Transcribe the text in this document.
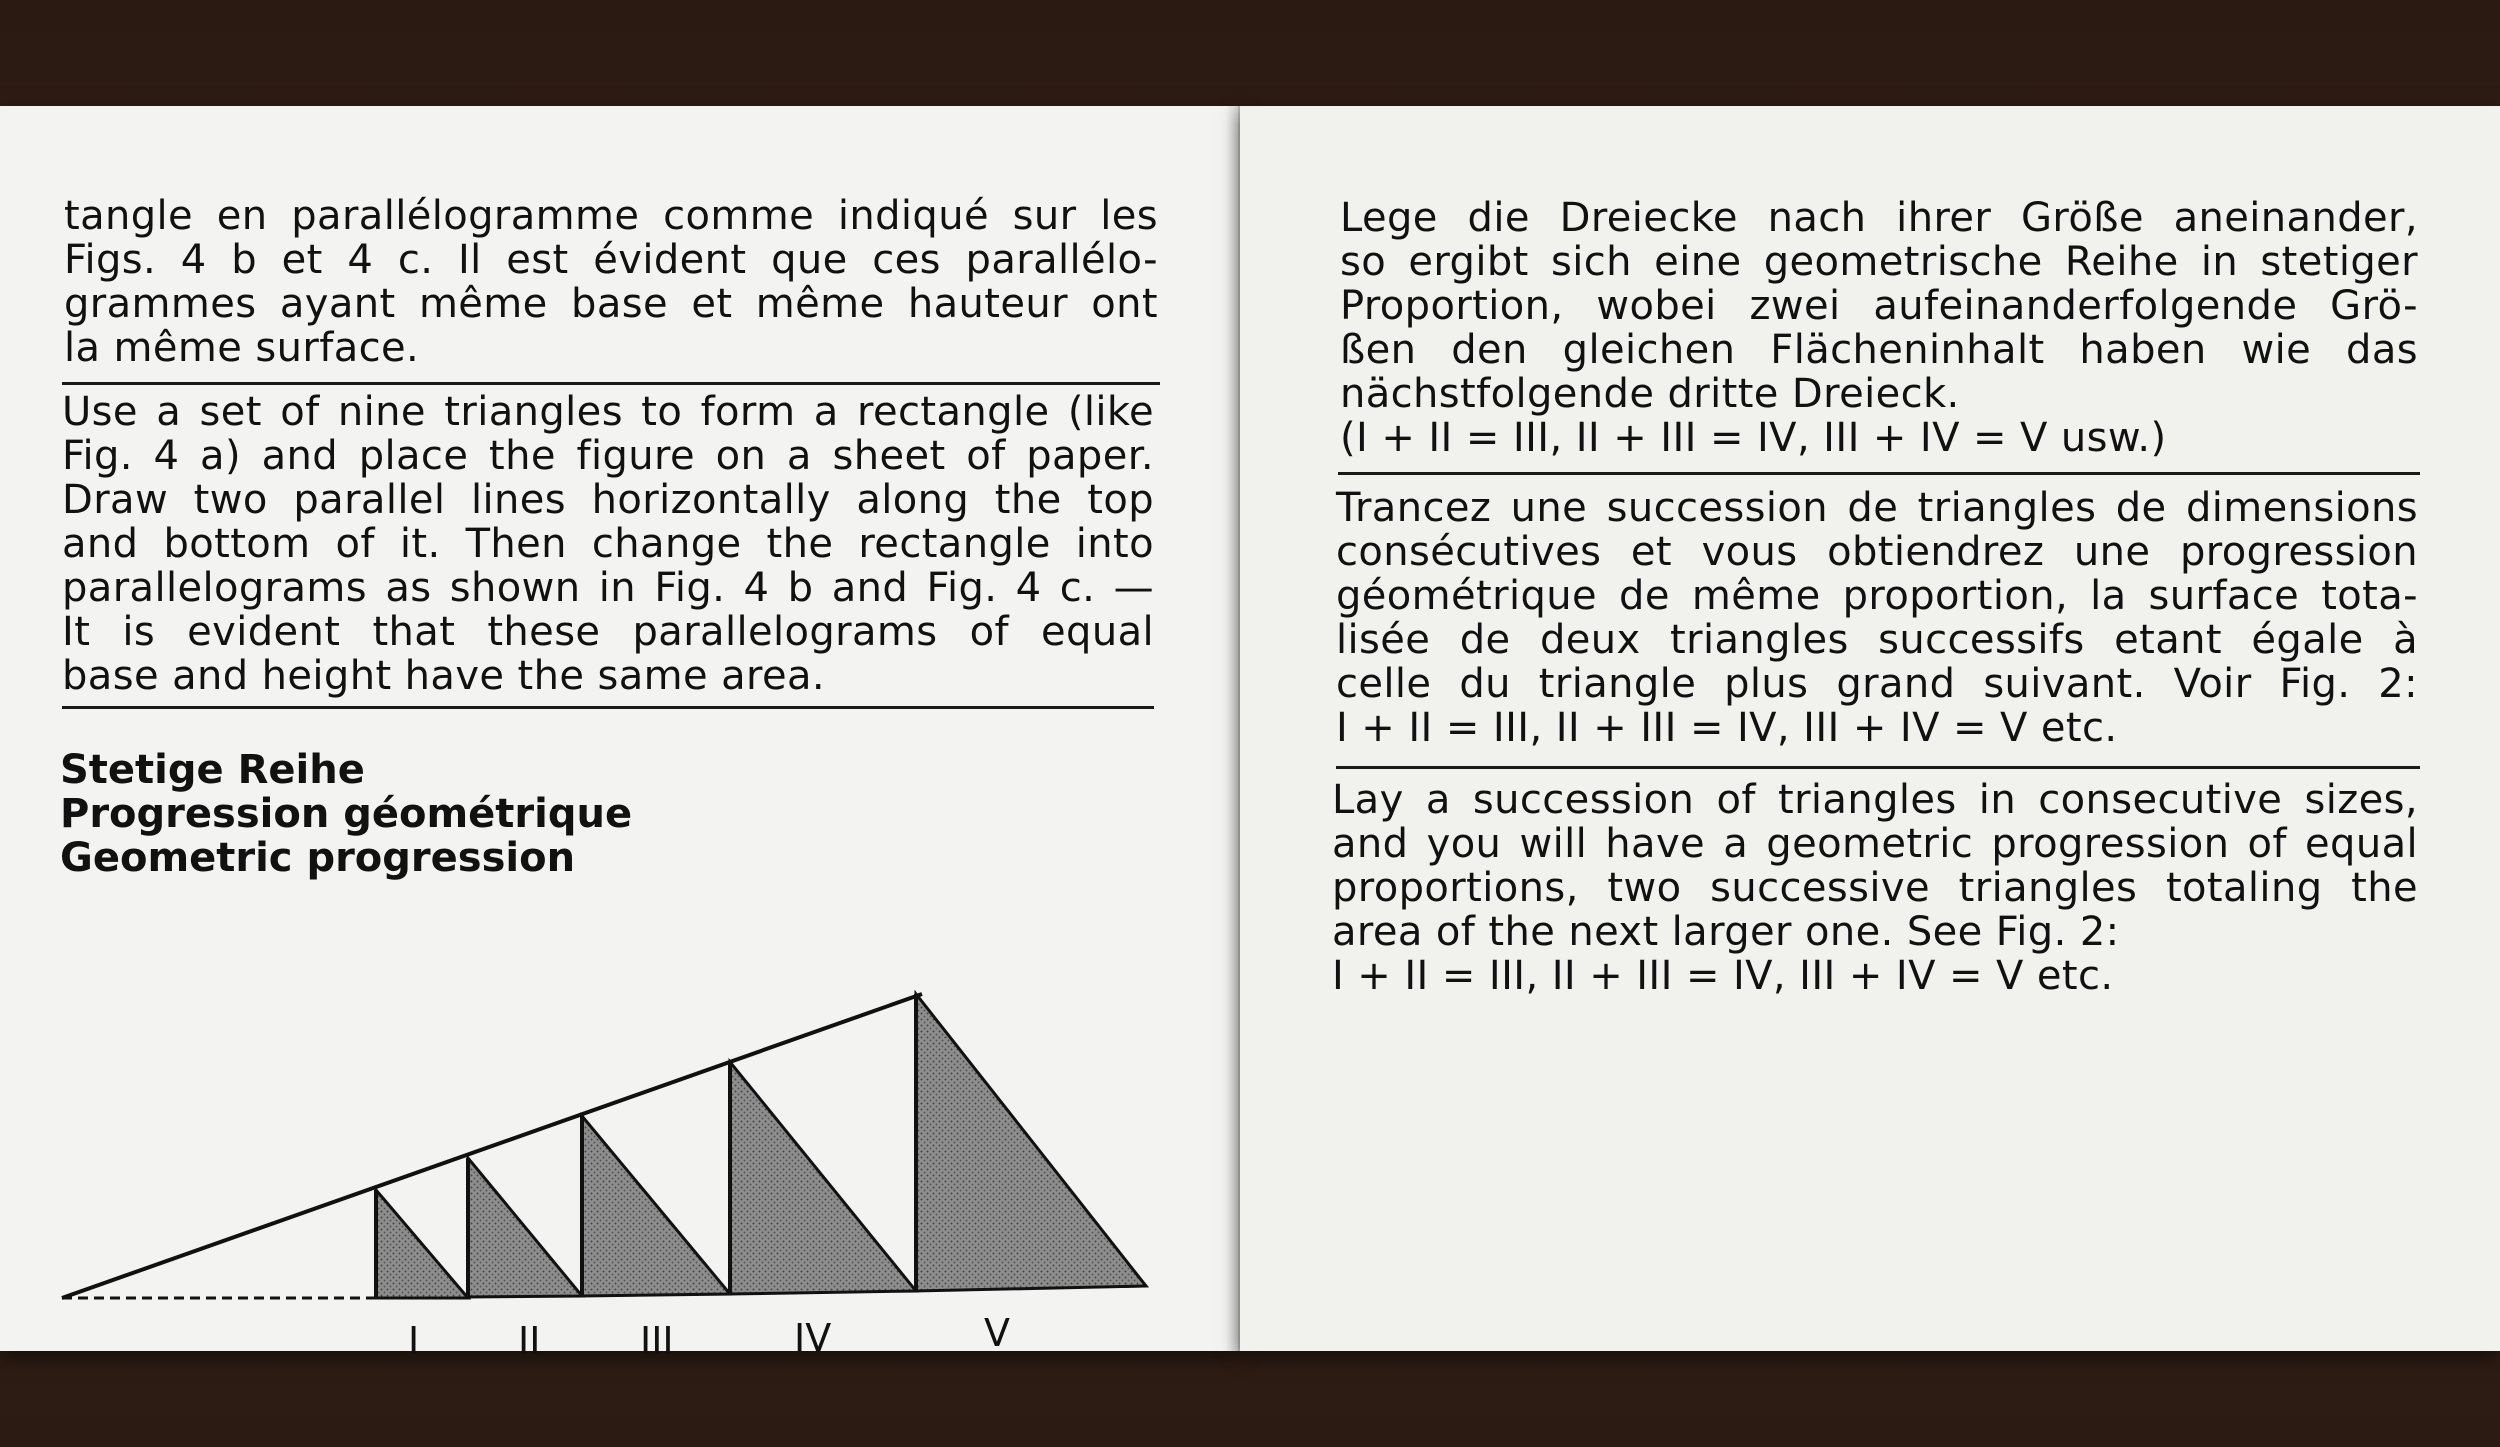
tangle en parallélogramme comme indiqué sur les
Figs. 4 b et 4 c. Il est évident que ces parallélo-
grammes ayant même base et même hauteur ont
la même surface.
Use a set of nine triangles to form a rectangle (like
Fig. 4 a) and place the figure on a sheet of paper.
Draw two parallel lines horizontally along the top
and bottom of it. Then change the rectangle into
parallelograms as shown in Fig. 4 b and Fig. 4 c. —
It is evident that these parallelograms of equal
base and height have the same area.
Stetige Reihe
Progression géométrique
Geometric progression
I	II	III	IV	V
Lege die Dreiecke nach ihrer Größe aneinander,
so ergibt sich eine geometrische Reihe in stetiger
Proportion, wobei zwei aufeinanderfolgende Grö-
ßen den gleichen Flächeninhalt haben wie das
nächstfolgende dritte Dreieck.
(I + II = III, II + III = IV, III + IV = V usw.)
Trancez une succession de triangles de dimensions
consécutives et vous obtiendrez une progression
géométrique de même proportion, la surface tota-
lisée de deux triangles successifs etant égale à
celle du triangle plus grand suivant. Voir Fig. 2:
I + II = III, II + III = IV, III + IV = V etc.
Lay a succession of triangles in consecutive sizes,
and you will have a geometric progression of equal
proportions, two successive triangles totaling the
area of the next larger one. See Fig. 2:
I + II = III, II + III = IV, III + IV = V etc.
